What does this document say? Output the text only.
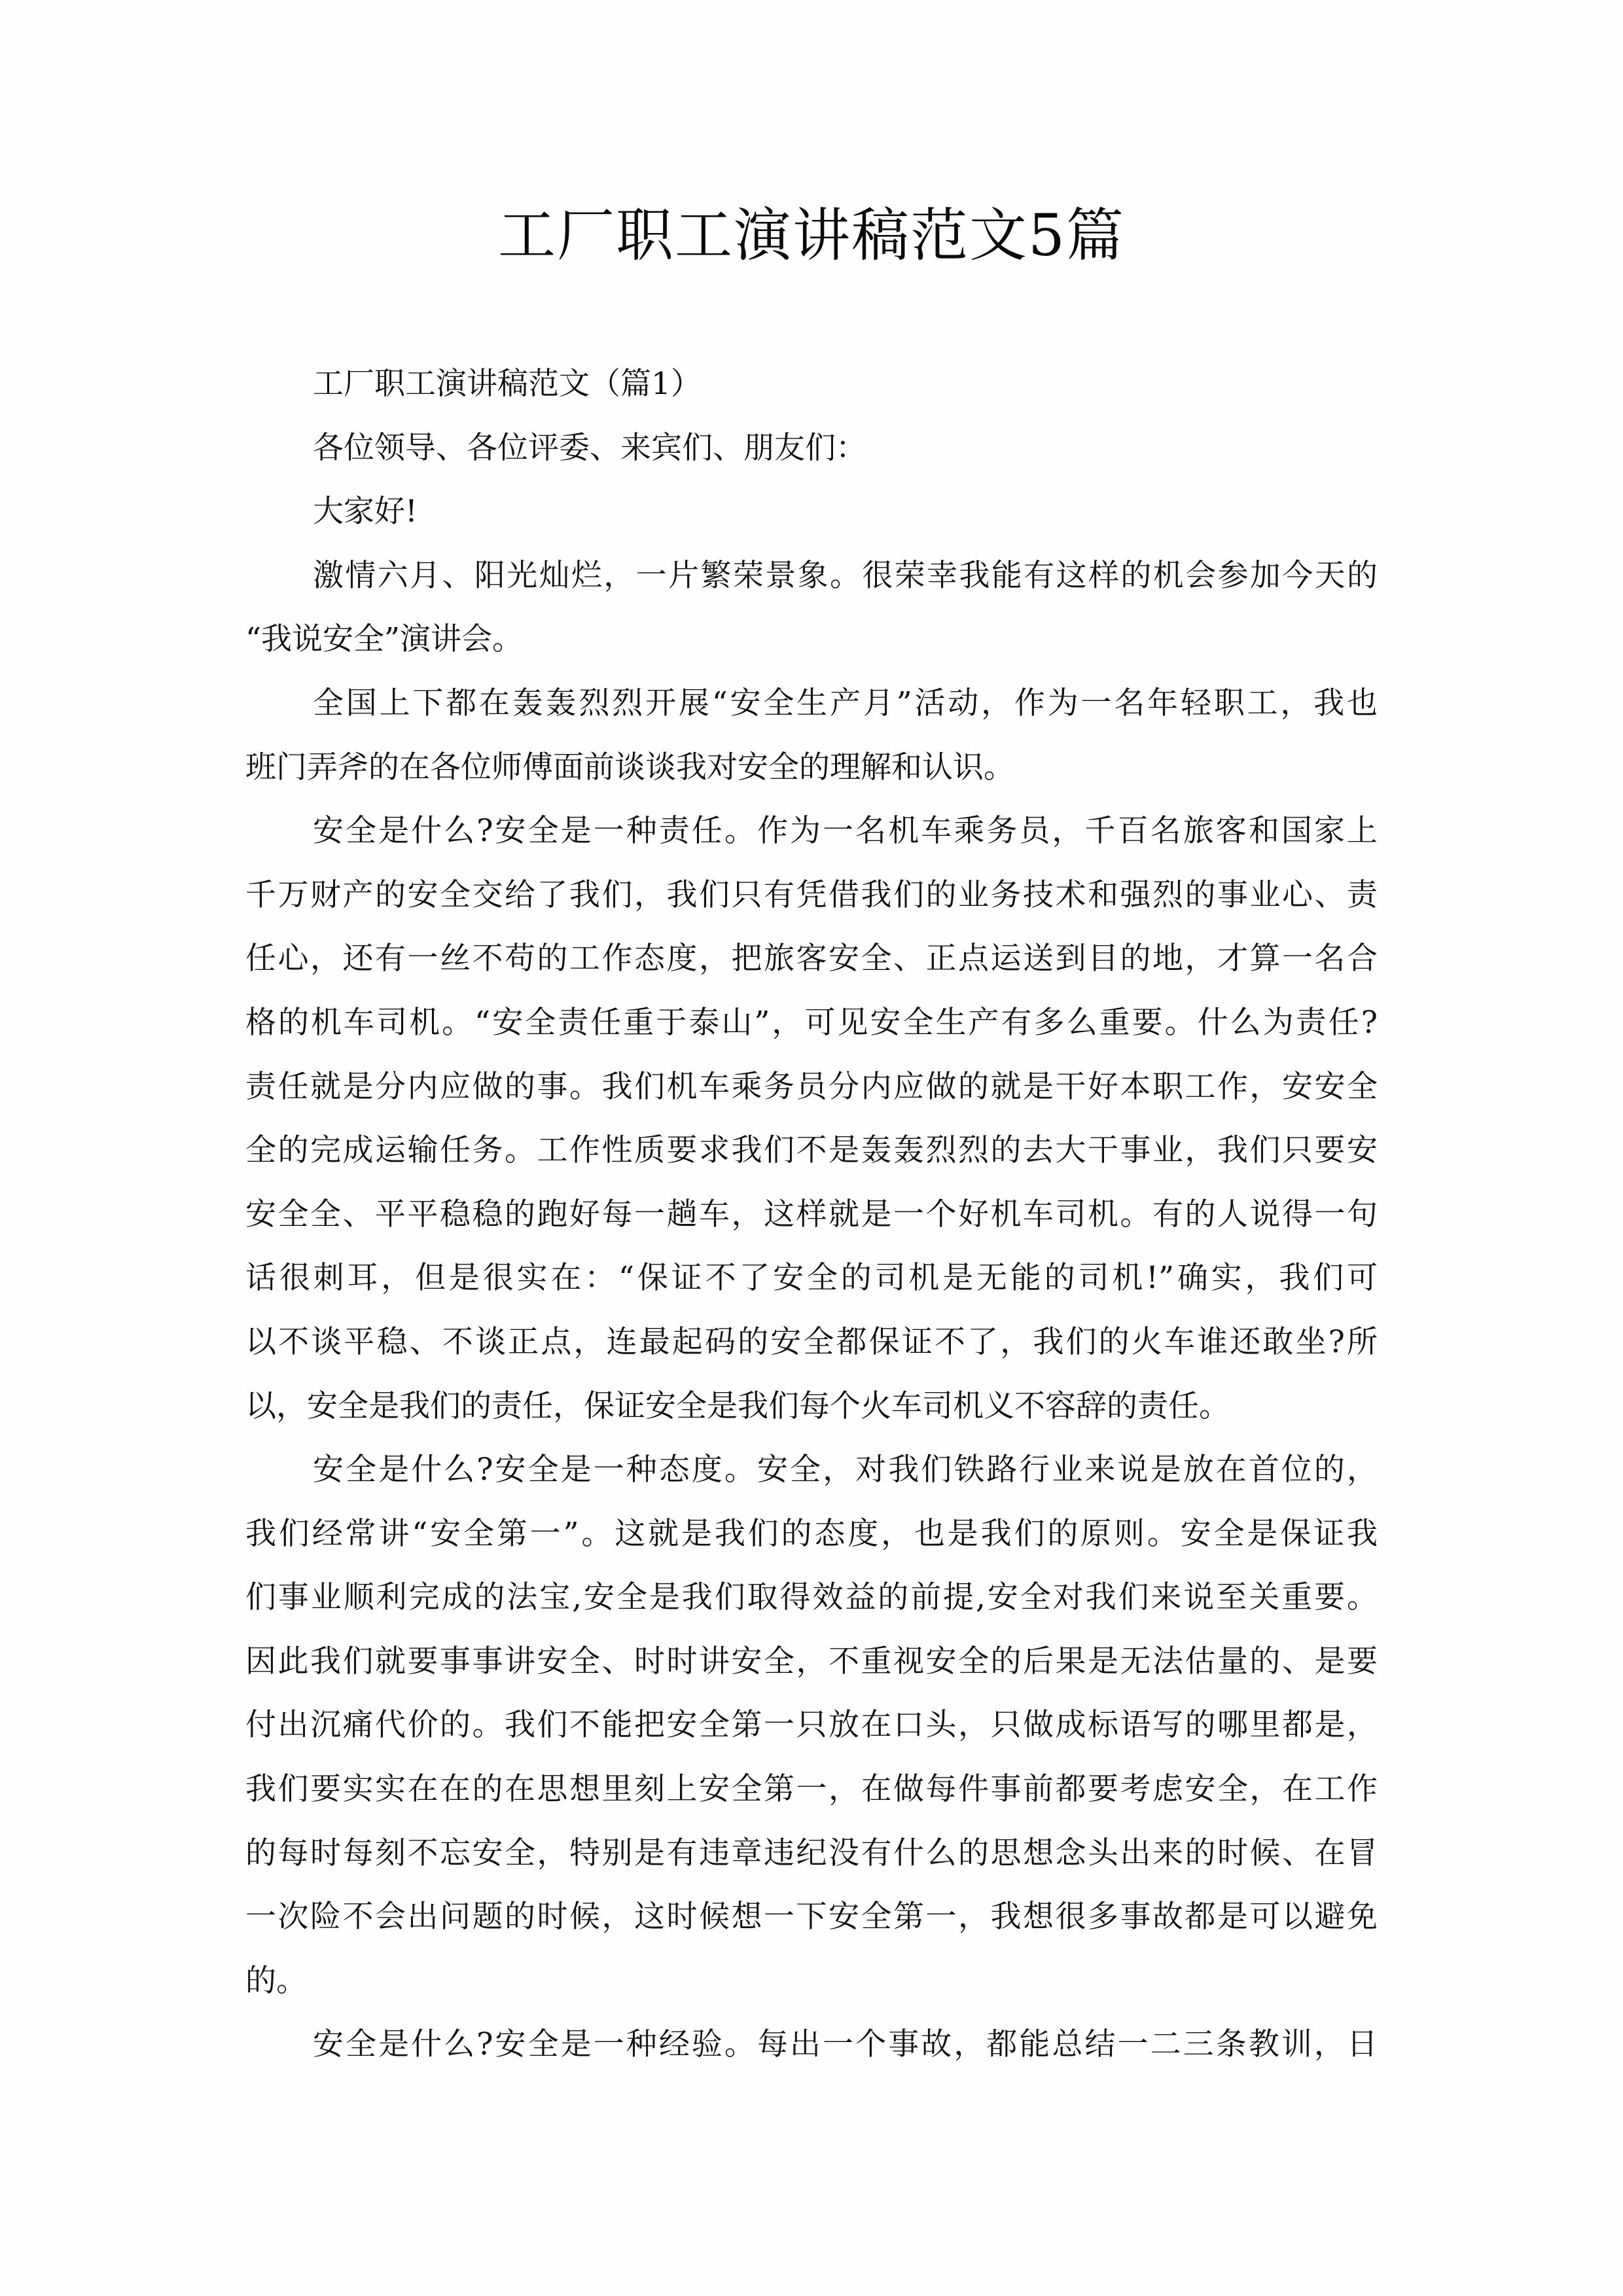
工厂职工演讲稿范文5篇
工厂职工演讲稿范文（篇1）
各位领导、各位评委、来宾们、朋友们：
大家好!
激情六月、阳光灿烂，一片繁荣景象。很荣幸我能有这样的机会参加今天的
“我说安全”演讲会。
全国上下都在轰轰烈烈开展“安全生产月”活动，作为一名年轻职工，我也
班门弄斧的在各位师傅面前谈谈我对安全的理解和认识。
安全是什么?安全是一种责任。作为一名机车乘务员，千百名旅客和国家上
千万财产的安全交给了我们，我们只有凭借我们的业务技术和强烈的事业心、责
任心，还有一丝不苟的工作态度，把旅客安全、正点运送到目的地，才算一名合
格的机车司机。“安全责任重于泰山”，可见安全生产有多么重要。什么为责任?
责任就是分内应做的事。我们机车乘务员分内应做的就是干好本职工作，安安全
全的完成运输任务。工作性质要求我们不是轰轰烈烈的去大干事业，我们只要安
安全全、平平稳稳的跑好每一趟车，这样就是一个好机车司机。有的人说得一句
话很刺耳，但是很实在：“保证不了安全的司机是无能的司机!”确实，我们可
以不谈平稳、不谈正点，连最起码的安全都保证不了，我们的火车谁还敢坐?所
以，安全是我们的责任，保证安全是我们每个火车司机义不容辞的责任。
安全是什么?安全是一种态度。安全，对我们铁路行业来说是放在首位的，
我们经常讲“安全第一”。这就是我们的态度，也是我们的原则。安全是保证我
们事业顺利完成的法宝,安全是我们取得效益的前提,安全对我们来说至关重要。
因此我们就要事事讲安全、时时讲安全，不重视安全的后果是无法估量的、是要
付出沉痛代价的。我们不能把安全第一只放在口头，只做成标语写的哪里都是，
我们要实实在在的在思想里刻上安全第一，在做每件事前都要考虑安全，在工作
的每时每刻不忘安全，特别是有违章违纪没有什么的思想念头出来的时候、在冒
一次险不会出问题的时候，这时候想一下安全第一，我想很多事故都是可以避免
的。
安全是什么?安全是一种经验。每出一个事故，都能总结一二三条教训，日
